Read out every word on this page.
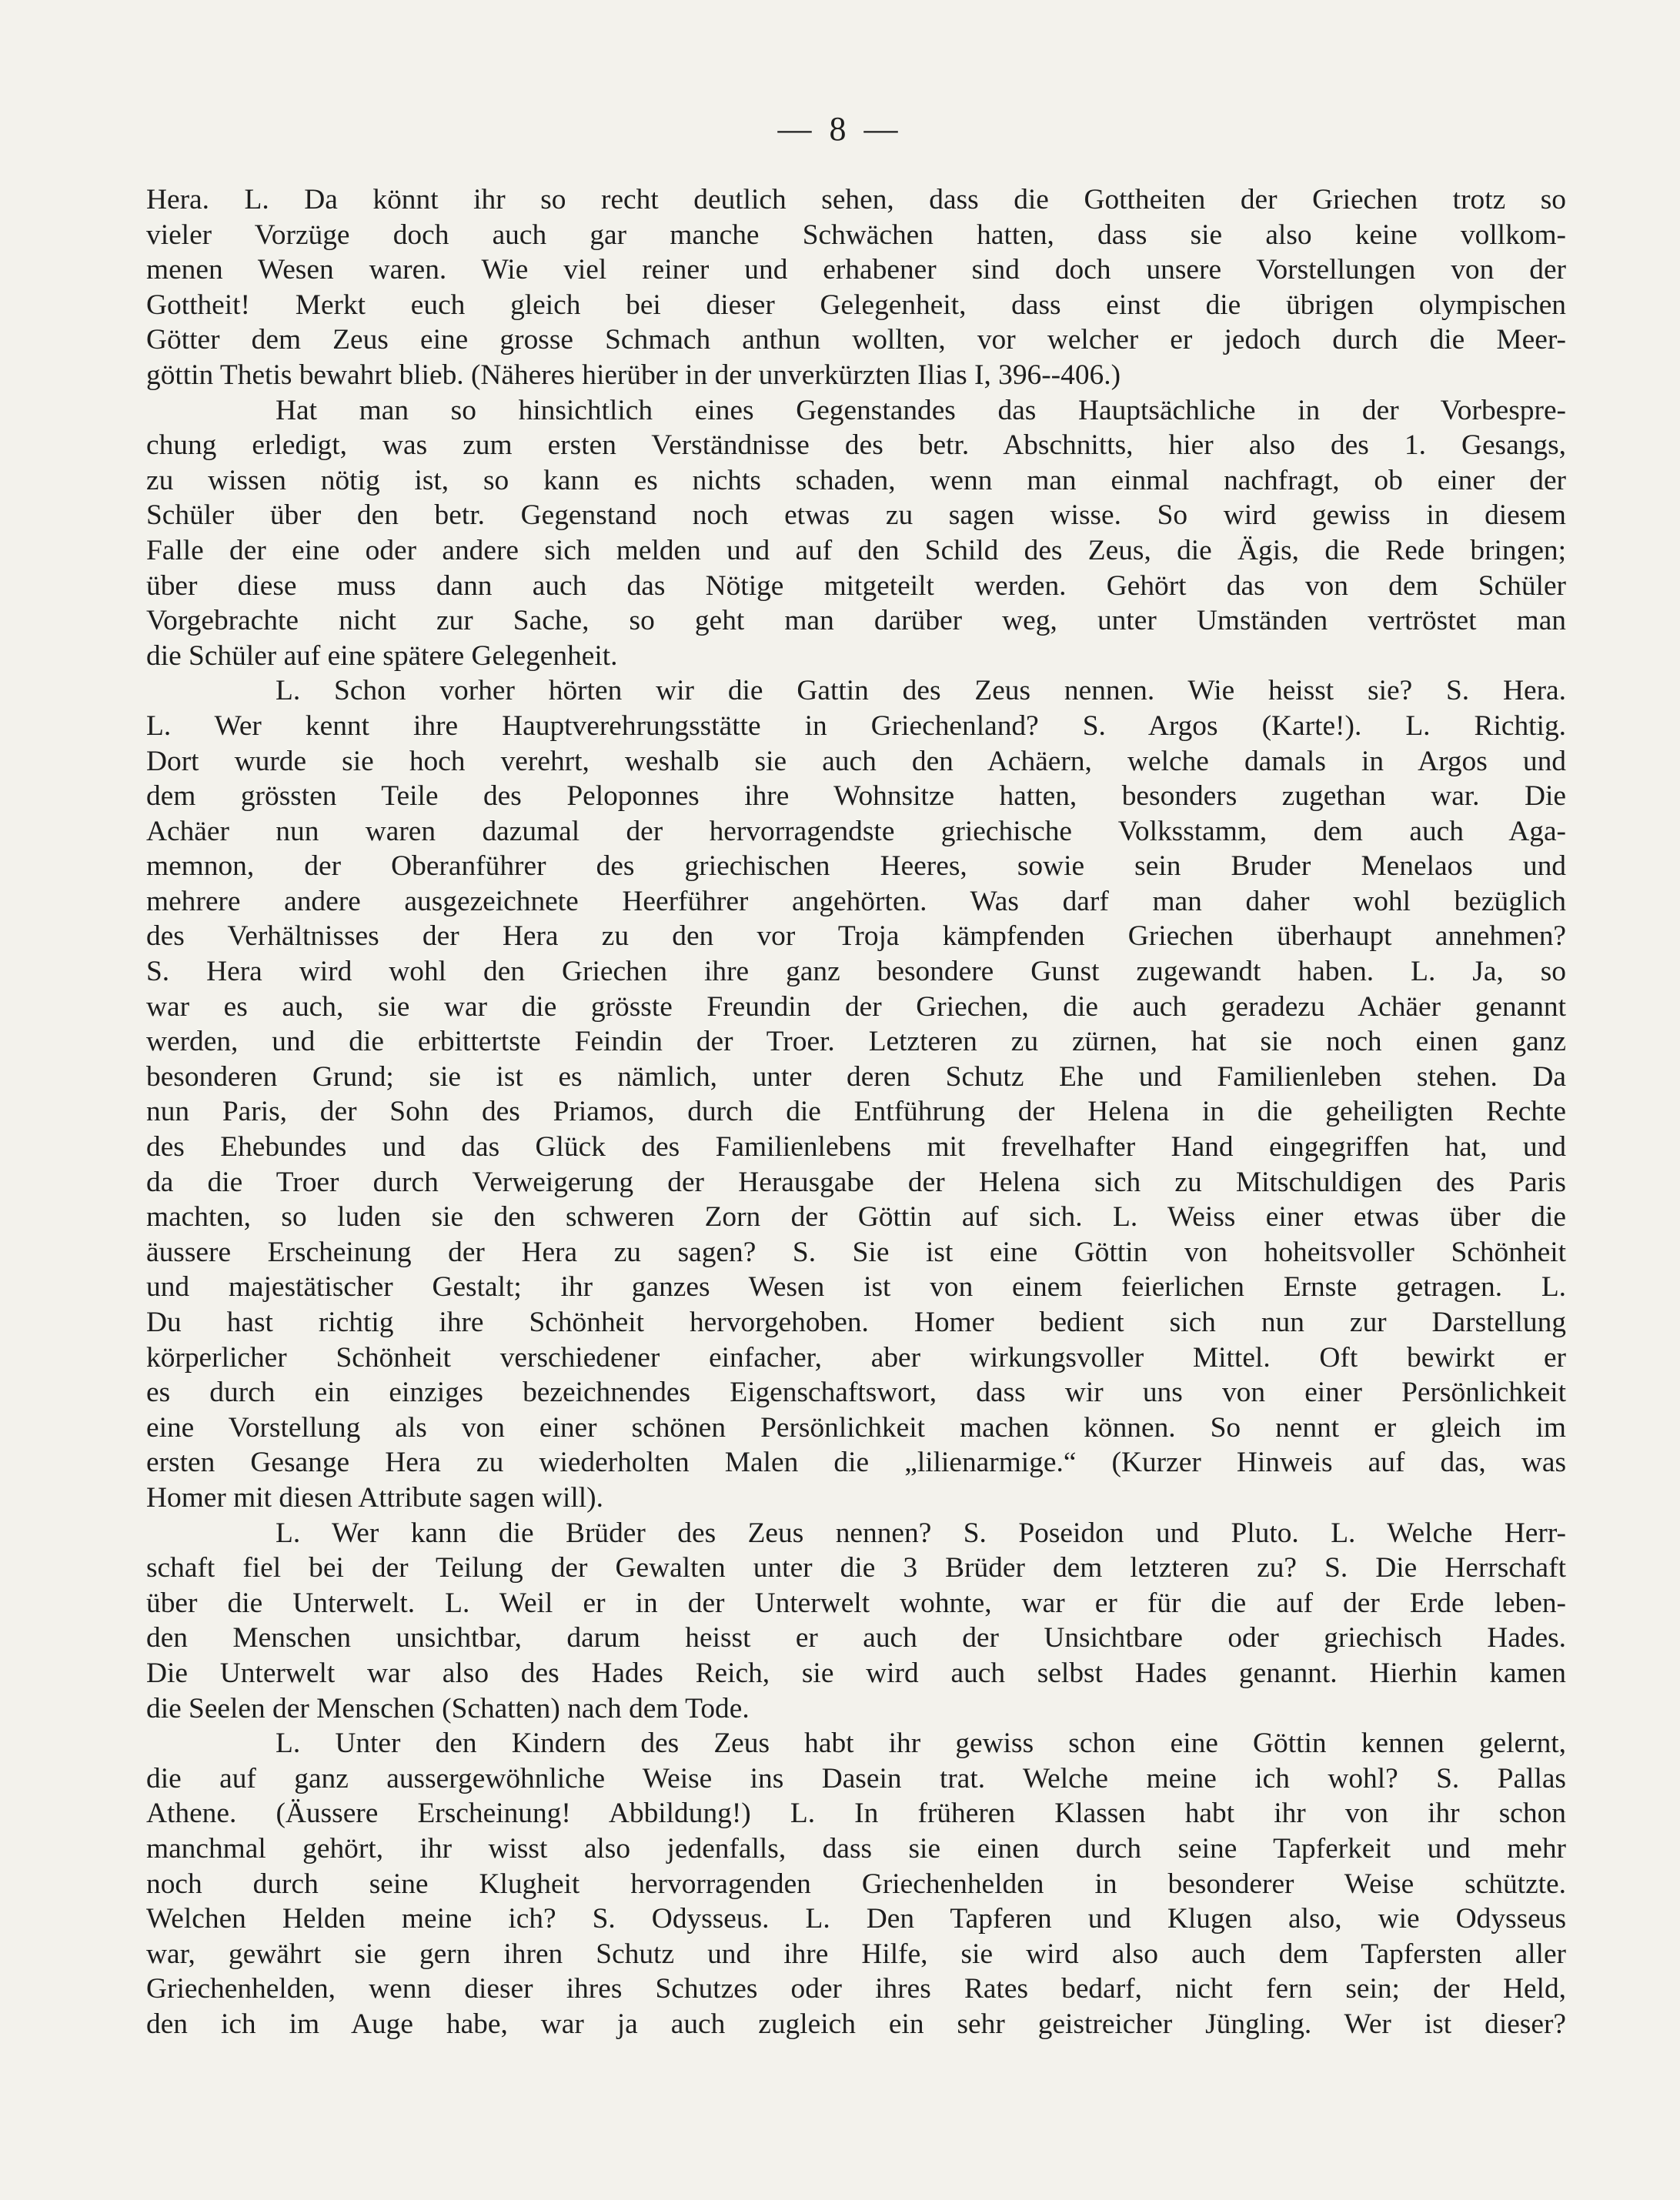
— 8 —
Hera. L. Da könnt ihr so recht deutlich sehen, dass die Gottheiten der Griechen trotz so
vieler Vorzüge doch auch gar manche Schwächen hatten, dass sie also keine vollkom-
menen Wesen waren. Wie viel reiner und erhabener sind doch unsere Vorstellungen von der
Gottheit! Merkt euch gleich bei dieser Gelegenheit, dass einst die übrigen olympischen
Götter dem Zeus eine grosse Schmach anthun wollten, vor welcher er jedoch durch die Meer-
göttin Thetis bewahrt blieb. (Näheres hierüber in der unverkürzten Ilias I, 396--406.)
Hat man so hinsichtlich eines Gegenstandes das Hauptsächliche in der Vorbespre-
chung erledigt, was zum ersten Verständnisse des betr. Abschnitts, hier also des 1. Gesangs,
zu wissen nötig ist, so kann es nichts schaden, wenn man einmal nachfragt, ob einer der
Schüler über den betr. Gegenstand noch etwas zu sagen wisse. So wird gewiss in diesem
Falle der eine oder andere sich melden und auf den Schild des Zeus, die Ägis, die Rede bringen;
über diese muss dann auch das Nötige mitgeteilt werden. Gehört das von dem Schüler
Vorgebrachte nicht zur Sache, so geht man darüber weg, unter Umständen vertröstet man
die Schüler auf eine spätere Gelegenheit.
L. Schon vorher hörten wir die Gattin des Zeus nennen. Wie heisst sie? S. Hera.
L. Wer kennt ihre Hauptverehrungsstätte in Griechenland? S. Argos (Karte!). L. Richtig.
Dort wurde sie hoch verehrt, weshalb sie auch den Achäern, welche damals in Argos und
dem grössten Teile des Peloponnes ihre Wohnsitze hatten, besonders zugethan war. Die
Achäer nun waren dazumal der hervorragendste griechische Volksstamm, dem auch Aga-
memnon, der Oberanführer des griechischen Heeres, sowie sein Bruder Menelaos und
mehrere andere ausgezeichnete Heerführer angehörten. Was darf man daher wohl bezüglich
des Verhältnisses der Hera zu den vor Troja kämpfenden Griechen überhaupt annehmen?
S. Hera wird wohl den Griechen ihre ganz besondere Gunst zugewandt haben. L. Ja, so
war es auch, sie war die grösste Freundin der Griechen, die auch geradezu Achäer genannt
werden, und die erbittertste Feindin der Troer. Letzteren zu zürnen, hat sie noch einen ganz
besonderen Grund; sie ist es nämlich, unter deren Schutz Ehe und Familienleben stehen. Da
nun Paris, der Sohn des Priamos, durch die Entführung der Helena in die geheiligten Rechte
des Ehebundes und das Glück des Familienlebens mit frevelhafter Hand eingegriffen hat, und
da die Troer durch Verweigerung der Herausgabe der Helena sich zu Mitschuldigen des Paris
machten, so luden sie den schweren Zorn der Göttin auf sich. L. Weiss einer etwas über die
äussere Erscheinung der Hera zu sagen? S. Sie ist eine Göttin von hoheitsvoller Schönheit
und majestätischer Gestalt; ihr ganzes Wesen ist von einem feierlichen Ernste getragen. L.
Du hast richtig ihre Schönheit hervorgehoben. Homer bedient sich nun zur Darstellung
körperlicher Schönheit verschiedener einfacher, aber wirkungsvoller Mittel. Oft bewirkt er
es durch ein einziges bezeichnendes Eigenschaftswort, dass wir uns von einer Persönlichkeit
eine Vorstellung als von einer schönen Persönlichkeit machen können. So nennt er gleich im
ersten Gesange Hera zu wiederholten Malen die „lilienarmige.“ (Kurzer Hinweis auf das, was
Homer mit diesen Attribute sagen will).
L. Wer kann die Brüder des Zeus nennen? S. Poseidon und Pluto. L. Welche Herr-
schaft fiel bei der Teilung der Gewalten unter die 3 Brüder dem letzteren zu? S. Die Herrschaft
über die Unterwelt. L. Weil er in der Unterwelt wohnte, war er für die auf der Erde leben-
den Menschen unsichtbar, darum heisst er auch der Unsichtbare oder griechisch Hades.
Die Unterwelt war also des Hades Reich, sie wird auch selbst Hades genannt. Hierhin kamen
die Seelen der Menschen (Schatten) nach dem Tode.
L. Unter den Kindern des Zeus habt ihr gewiss schon eine Göttin kennen gelernt,
die auf ganz aussergewöhnliche Weise ins Dasein trat. Welche meine ich wohl? S. Pallas
Athene. (Äussere Erscheinung! Abbildung!) L. In früheren Klassen habt ihr von ihr schon
manchmal gehört, ihr wisst also jedenfalls, dass sie einen durch seine Tapferkeit und mehr
noch durch seine Klugheit hervorragenden Griechenhelden in besonderer Weise schützte.
Welchen Helden meine ich? S. Odysseus. L. Den Tapferen und Klugen also, wie Odysseus
war, gewährt sie gern ihren Schutz und ihre Hilfe, sie wird also auch dem Tapfersten aller
Griechenhelden, wenn dieser ihres Schutzes oder ihres Rates bedarf, nicht fern sein; der Held,
den ich im Auge habe, war ja auch zugleich ein sehr geistreicher Jüngling. Wer ist dieser?
